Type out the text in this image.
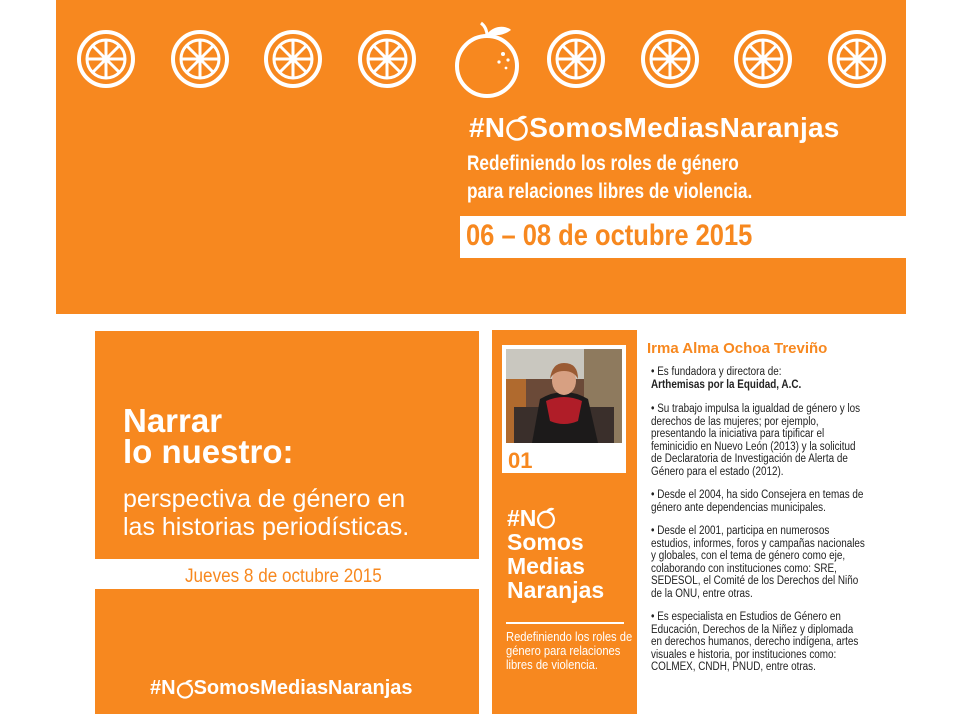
#N SomosMediasNaranjas
Redefiniendo los roles de género
para relaciones libres de violencia.
06 – 08 de octubre 2015
Narrar
lo nuestro:
perspectiva de género en
las historias periodísticas.
Jueves 8 de octubre 2015
#N SomosMediasNaranjas
01
#N
Somos
Medias
Naranjas
Redefiniendo los roles de género para relaciones libres de violencia.
Irma Alma Ochoa Treviño

• Es fundadora y directora de:
Arthemisas por la Equidad, A.C.

• Su trabajo impulsa la igualdad de género y los derechos de las mujeres; por ejemplo, presentando la iniciativa para tipificar el feminicidio en Nuevo León (2013) y la solicitud de Declaratoria de Investigación de Alerta de Género para el estado (2012).

• Desde el 2004, ha sido Consejera en temas de género ante dependencias municipales.

• Desde el 2001, participa en numerosos estudios, informes, foros y campañas nacionales y globales, con el tema de género como eje, colaborando con instituciones como: SRE, SEDESOL, el Comité de los Derechos del Niño de la ONU, entre otras.

• Es especialista en Estudios de Género en Educación, Derechos de la Niñez y diplomada en derechos humanos, derecho indígena, artes visuales e historia, por instituciones como: COLMEX, CNDH, PNUD, entre otras.
